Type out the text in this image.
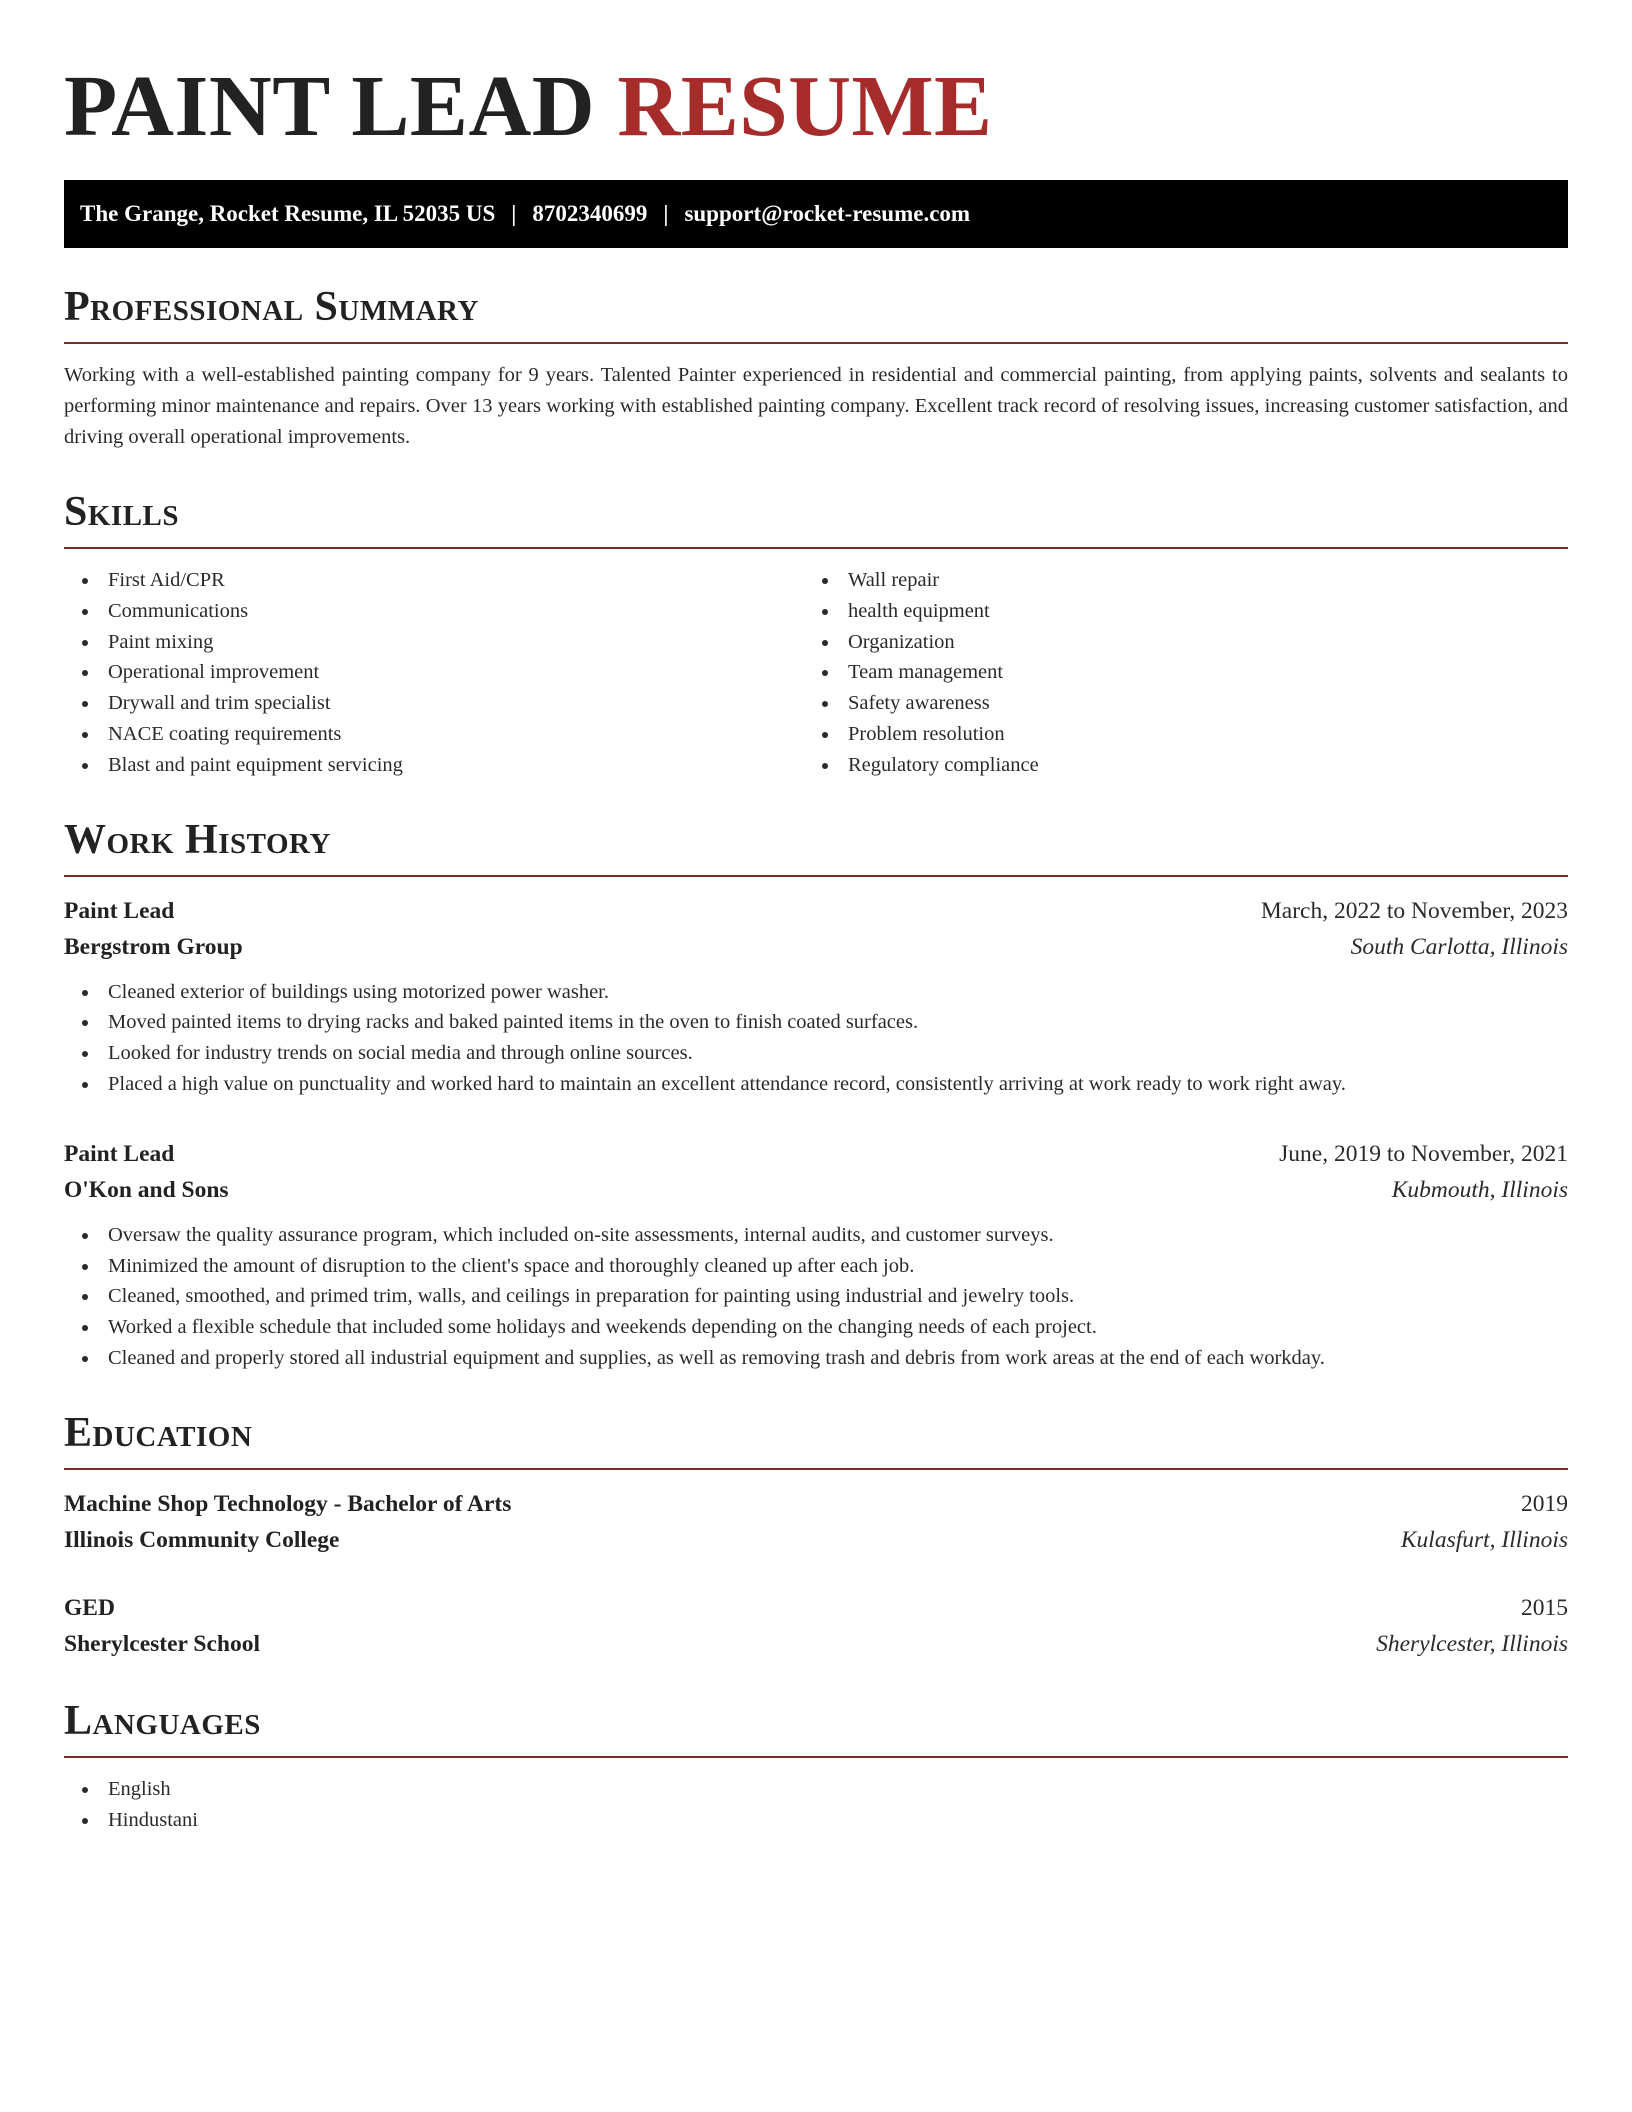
PAINT LEAD RESUME
The Grange, Rocket Resume, IL 52035 US | 8702340699 | support@rocket-resume.com
Professional Summary

Working with a well-established painting company for 9 years. Talented Painter experienced in residential and commercial painting, from applying paints, solvents and sealants to performing minor maintenance and repairs. Over 13 years working with established painting company. Excellent track record of resolving issues, increasing customer satisfaction, and driving overall operational improvements.

Skills
First Aid/CPR
Communications
Paint mixing
Operational improvement
Drywall and trim specialist
NACE coating requirements
Blast and paint equipment servicing
Wall repair
health equipment
Organization
Team management
Safety awareness
Problem resolution
Regulatory compliance
Work History
Paint Lead	March, 2022 to November, 2023
Bergstrom Group	South Carlotta, Illinois
Cleaned exterior of buildings using motorized power washer.
Moved painted items to drying racks and baked painted items in the oven to finish coated surfaces.
Looked for industry trends on social media and through online sources.
Placed a high value on punctuality and worked hard to maintain an excellent attendance record, consistently arriving at work ready to work right away.
Paint Lead	June, 2019 to November, 2021
O'Kon and Sons	Kubmouth, Illinois
Oversaw the quality assurance program, which included on-site assessments, internal audits, and customer surveys.
Minimized the amount of disruption to the client's space and thoroughly cleaned up after each job.
Cleaned, smoothed, and primed trim, walls, and ceilings in preparation for painting using industrial and jewelry tools.
Worked a flexible schedule that included some holidays and weekends depending on the changing needs of each project.
Cleaned and properly stored all industrial equipment and supplies, as well as removing trash and debris from work areas at the end of each workday.
Education
Machine Shop Technology - Bachelor of Arts	2019
Illinois Community College	Kulasfurt, Illinois
GED	2015
Sherylcester School	Sherylcester, Illinois
Languages
English
Hindustani
